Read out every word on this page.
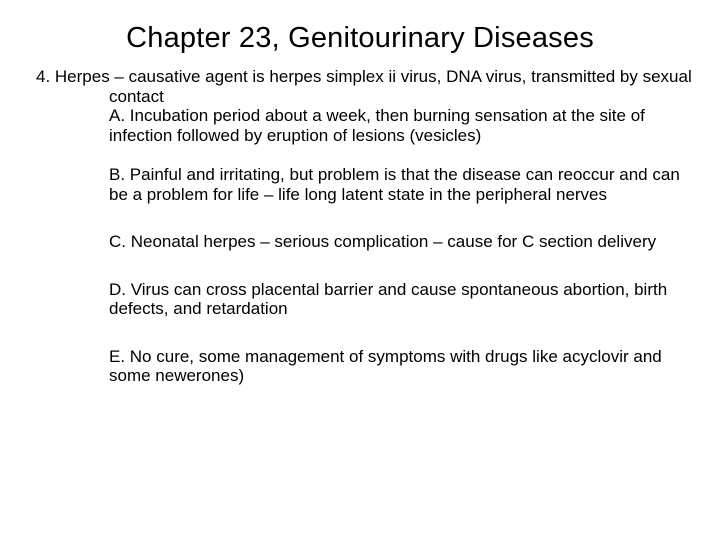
Chapter 23, Genitourinary Diseases

4. Herpes – causative agent is herpes simplex ii virus, DNA virus, transmitted by sexual contact

A. Incubation period about a week, then burning sensation at the site of infection followed by eruption of lesions (vesicles)
B. Painful and irritating, but problem is that the disease can reoccur and can be a problem for life – life long latent state in the peripheral nerves
C. Neonatal herpes – serious complication – cause for C section delivery
D. Virus can cross placental barrier and cause spontaneous abortion, birth defects, and retardation
E. No cure, some management of symptoms with drugs like acyclovir and some newerones)
